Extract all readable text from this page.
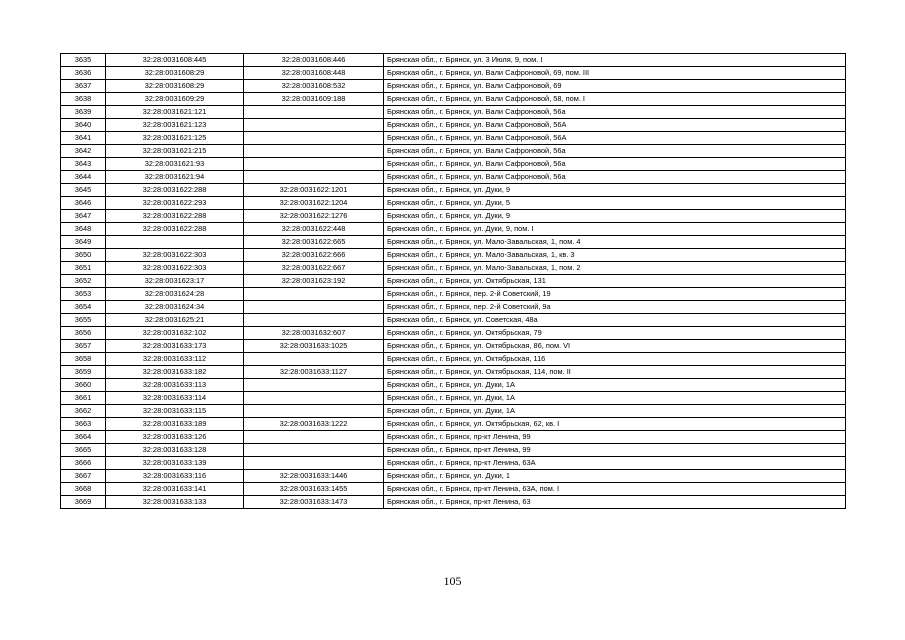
3635	32:28:0031608:445	32:28:0031608:446	Брянская обл., г. Брянск, ул. 3 Июля, 9, пом. I
3636	32:28:0031608:29	32:28:0031608:448	Брянская обл., г. Брянск, ул. Вали Сафроновой, 69, пом. III
3637	32:28:0031608:29	32:28:0031608:532	Брянская обл., г. Брянск, ул. Вали Сафроновой, 69
3638	32:28:0031609:29	32:28:0031609:188	Брянская обл., г. Брянск, ул. Вали Сафроновой, 58, пом. I
3639	32:28:0031621:121		Брянская обл., г. Брянск, ул. Вали Сафроновой, 56а
3640	32:28:0031621:123		Брянская обл., г. Брянск, ул. Вали Сафроновой, 56А
3641	32:28:0031621:125		Брянская обл., г. Брянск, ул. Вали Сафроновой, 56А
3642	32:28:0031621:215		Брянская обл., г. Брянск, ул. Вали Сафроновой, 56а
3643	32:28:0031621:93		Брянская обл., г. Брянск, ул. Вали Сафроновой, 56а
3644	32:28:0031621:94		Брянская обл., г. Брянск, ул. Вали Сафроновой, 56а
3645	32:28:0031622:288	32:28:0031622:1201	Брянская обл., г. Брянск, ул. Дуки, 9
3646	32:28:0031622:293	32:28:0031622:1204	Брянская обл., г. Брянск, ул. Дуки, 5
3647	32:28:0031622:288	32:28:0031622:1276	Брянская обл., г. Брянск, ул. Дуки, 9
3648	32:28:0031622:288	32:28:0031622:448	Брянская обл., г. Брянск, ул. Дуки, 9, пом. I
3649		32:28:0031622:665	Брянская обл., г. Брянск, ул. Мало-Завальская, 1, пом. 4
3650	32:28:0031622:303	32:28:0031622:666	Брянская обл., г. Брянск, ул. Мало-Завальская, 1, кв. 3
3651	32:28:0031622:303	32:28:0031622:667	Брянская обл., г. Брянск, ул. Мало-Завальская, 1, пом. 2
3652	32:28:0031623:17	32:28:0031623:192	Брянская обл., г. Брянск, ул. Октябрьская, 131
3653	32:28:0031624:28		Брянская обл., г. Брянск, пер. 2-й Советский, 19
3654	32:28:0031624:34		Брянская обл., г. Брянск, пер. 2-й Советский, 9а
3655	32:28:0031625:21		Брянская обл., г. Брянск, ул. Советская, 48а
3656	32:28:0031632:102	32:28:0031632:607	Брянская обл., г. Брянск, ул. Октябрьская, 79
3657	32:28:0031633:173	32:28:0031633:1025	Брянская обл., г. Брянск, ул. Октябрьская, 86, пом. VI
3658	32:28:0031633:112		Брянская обл., г. Брянск, ул. Октябрьская, 116
3659	32:28:0031633:182	32:28:0031633:1127	Брянская обл., г. Брянск, ул. Октябрьская, 114, пом. II
3660	32:28:0031633:113		Брянская обл., г. Брянск, ул. Дуки, 1А
3661	32:28:0031633:114		Брянская обл., г. Брянск, ул. Дуки, 1А
3662	32:28:0031633:115		Брянская обл., г. Брянск, ул. Дуки, 1А
3663	32:28:0031633:189	32:28:0031633:1222	Брянская обл., г. Брянск, ул. Октябрьская, 62, кв. I
3664	32:28:0031633:126		Брянская обл., г. Брянск, пр-кт Ленина, 99
3665	32:28:0031633:128		Брянская обл., г. Брянск, пр-кт Ленина, 99
3666	32:28:0031633:139		Брянская обл., г. Брянск, пр-кт Ленина, 63А
3667	32:28:0031633:116	32:28:0031633:1446	Брянская обл., г. Брянск, ул. Дуки, 1
3668	32:28:0031633:141	32:28:0031633:1455	Брянская обл., г. Брянск, пр-кт Ленина, 63А, пом. I
3669	32:28:0031633:133	32:28:0031633:1473	Брянская обл., г. Брянск, пр-кт Ленина, 63
105
